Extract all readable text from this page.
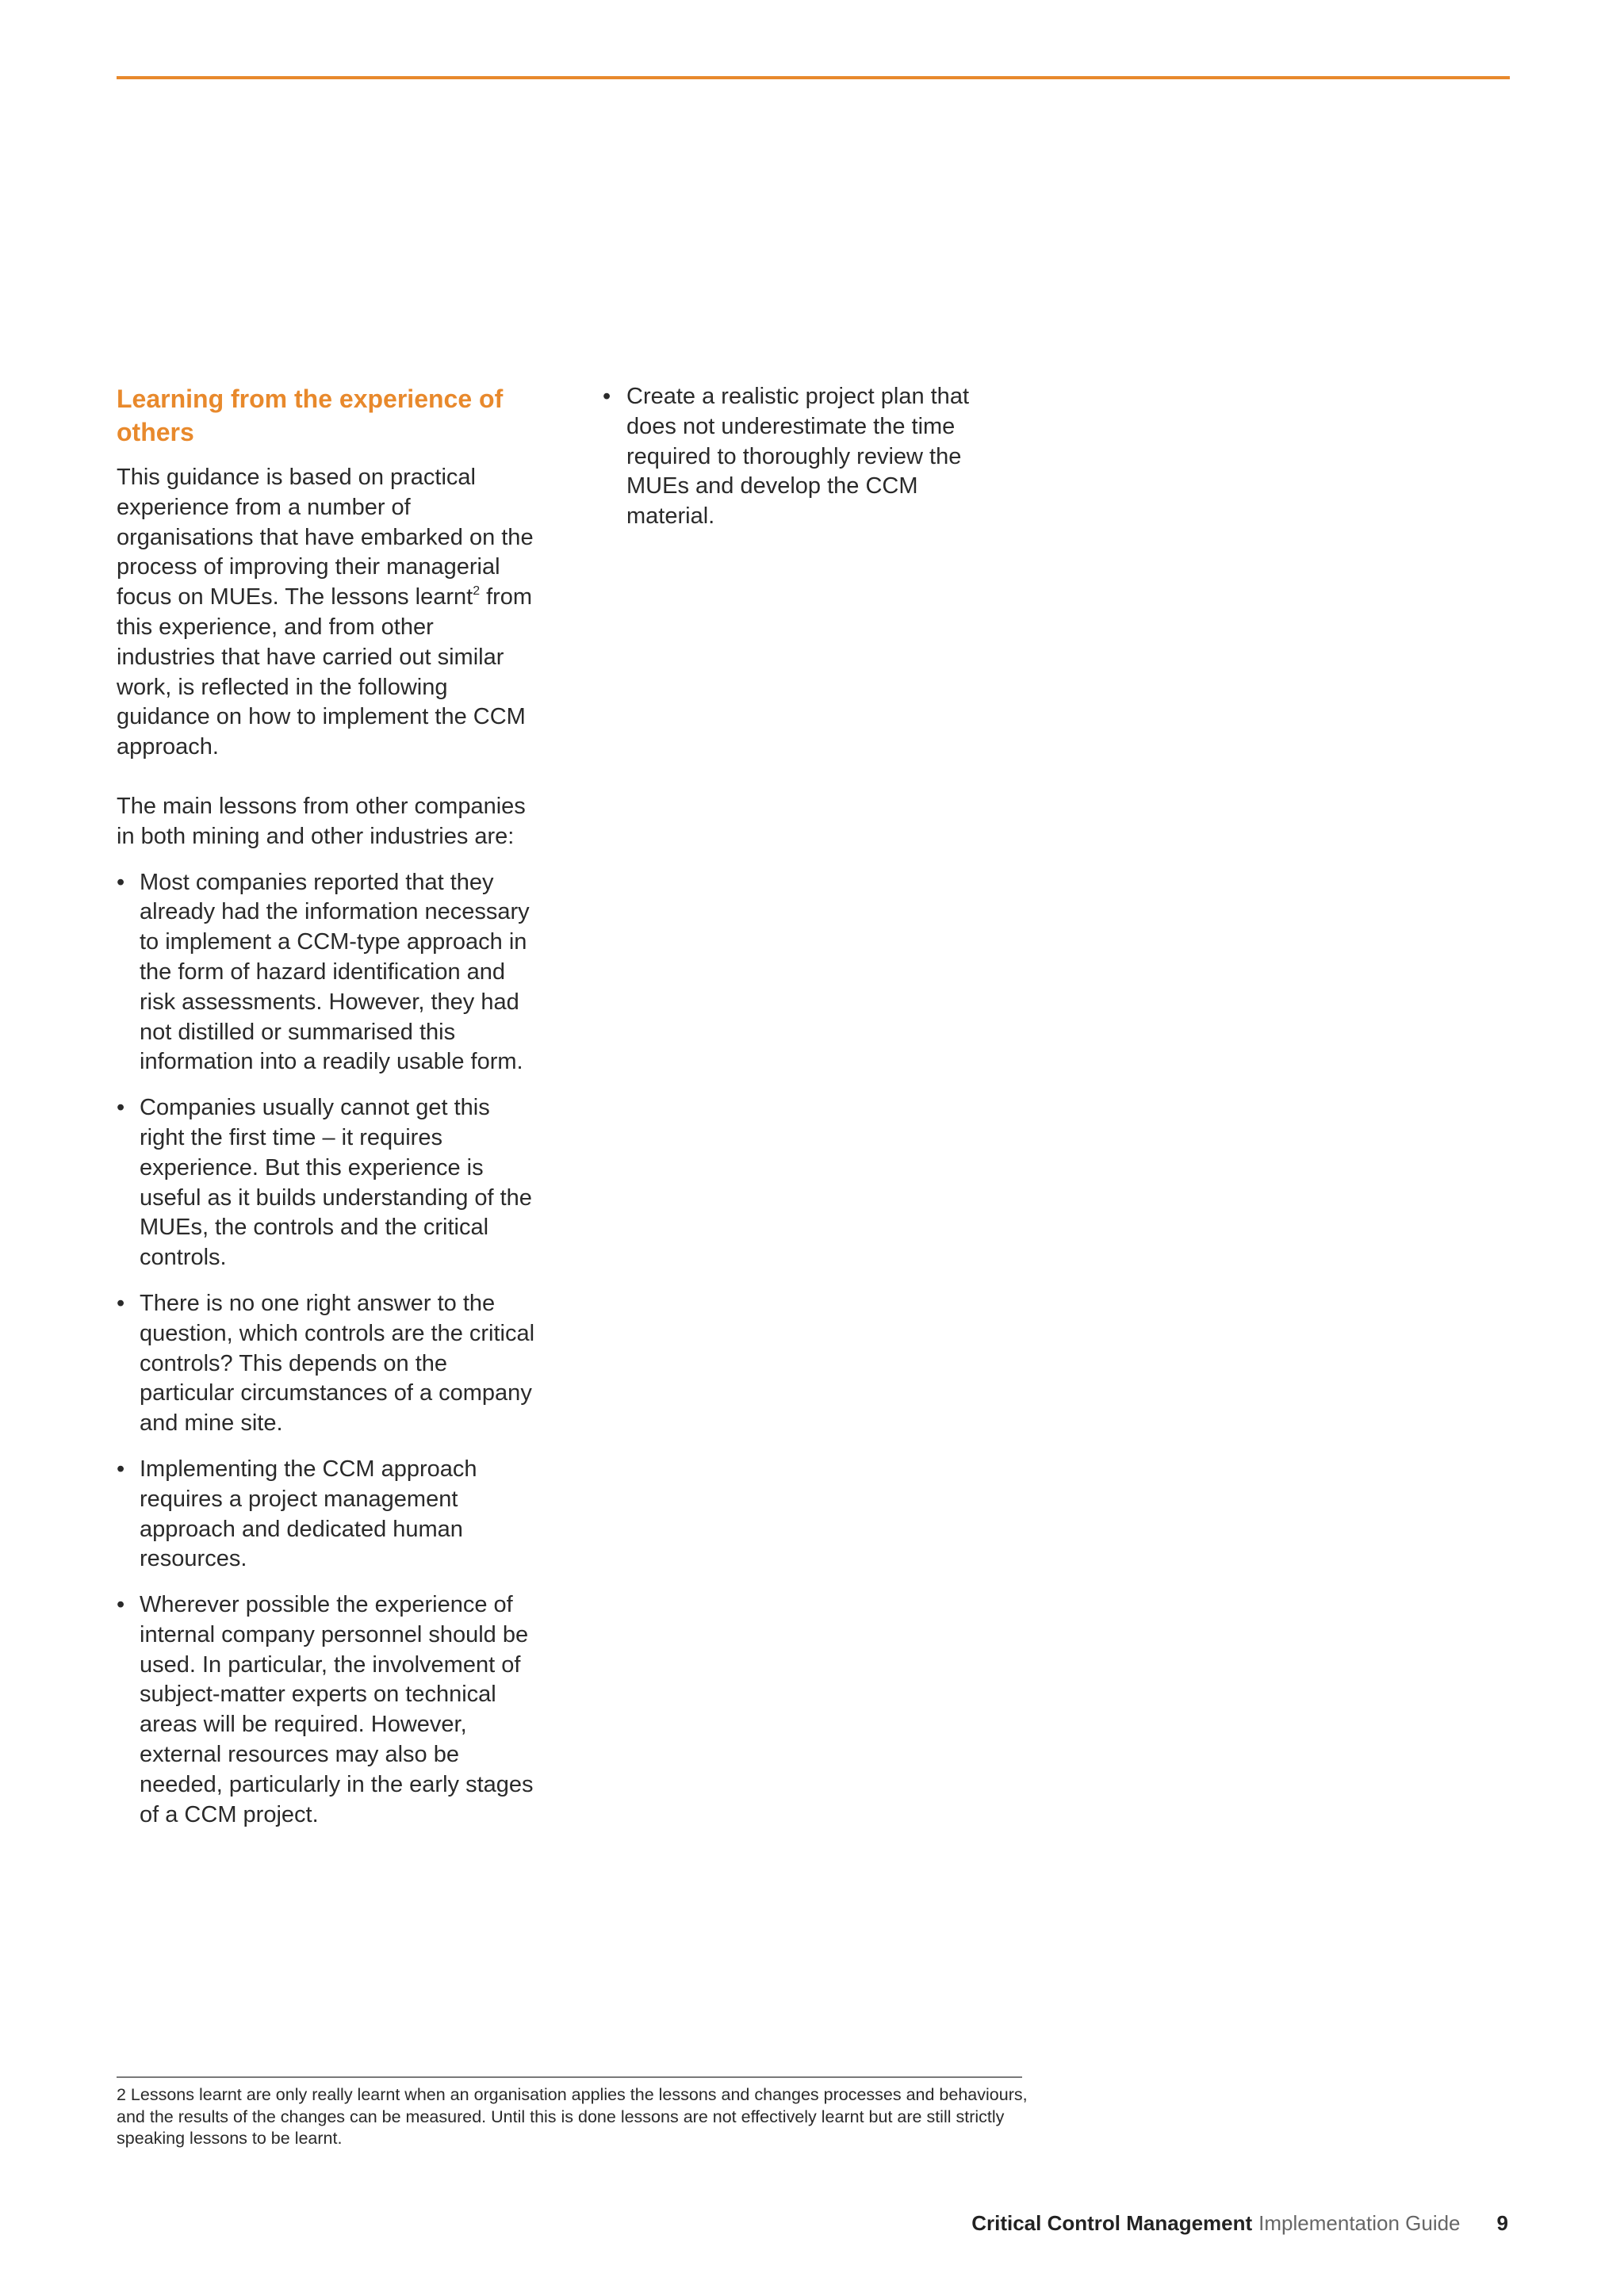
Learning from the experience of others

This guidance is based on practical experience from a number of organisations that have embarked on the process of improving their managerial focus on MUEs. The lessons learnt$^2$ from this experience, and from other industries that have carried out similar work, is reflected in the following guidance on how to implement the CCM approach.

The main lessons from other companies in both mining and other industries are:

• Most companies reported that they already had the information necessary to implement a CCM-type approach in the form of hazard identification and risk assessments. However, they had not distilled or summarised this information into a readily usable form.
• Companies usually cannot get this right the first time – it requires experience. But this experience is useful as it builds understanding of the MUEs, the controls and the critical controls.
• There is no one right answer to the question, which controls are the critical controls? This depends on the particular circumstances of a company and mine site.
• Implementing the CCM approach requires a project management approach and dedicated human resources.
• Wherever possible the experience of internal company personnel should be used. In particular, the involvement of subject-matter experts on technical areas will be required. However, external resources may also be needed, particularly in the early stages of a CCM project.
• Create a realistic project plan that does not underestimate the time required to thoroughly review the MUEs and develop the CCM material.

2 Lessons learnt are only really learnt when an organisation applies the lessons and changes processes and behaviours, and the results of the changes can be measured. Until this is done lessons are not effectively learnt but are still strictly speaking lessons to be learnt.

Critical Control Management Implementation Guide 9
